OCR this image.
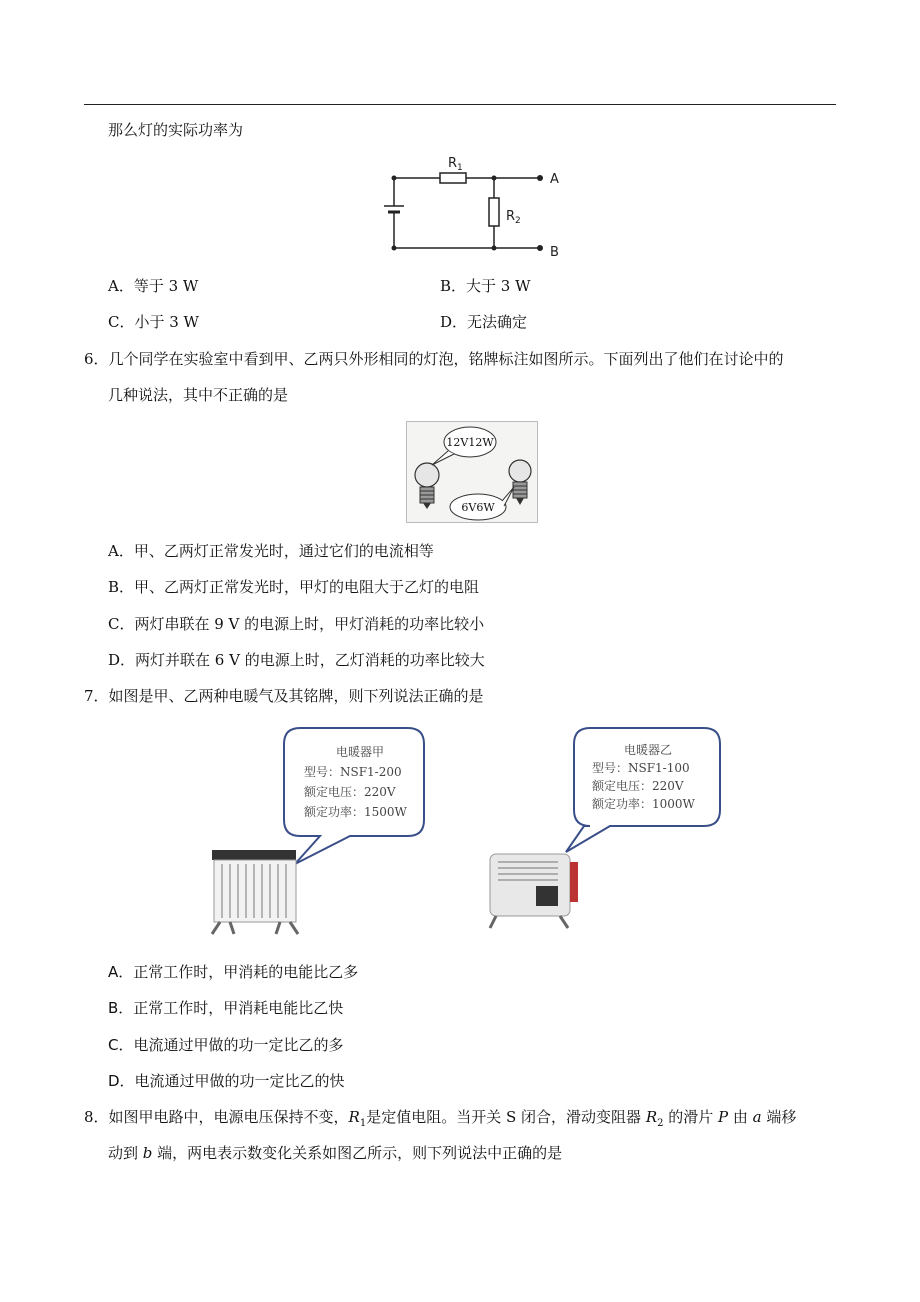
那么灯的实际功率为
$R_1$
$R_2$
A
B
A．等于 3 W	B．大于 3 W
C．小于 3 W	D．无法确定
6．几个同学在实验室中看到甲、乙两只外形相同的灯泡，铭牌标注如图所示。下面列出了他们在讨论中的
几种说法，其中不正确的是
12V12W
6V6W
A．甲、乙两灯正常发光时，通过它们的电流相等
B．甲、乙两灯正常发光时，甲灯的电阻大于乙灯的电阻
C．两灯串联在 9 V 的电源上时，甲灯消耗的功率比较小
D．两灯并联在 6 V 的电源上时，乙灯消耗的功率比较大
7．如图是甲、乙两种电暖气及其铭牌，则下列说法正确的是
电暖器甲
型号：NSF1-200
额定电压：220V
额定功率：1500W
电暖器乙
型号：NSF1-100
额定电压：220V
额定功率：1000W
A．正常工作时，甲消耗的电能比乙多
B．正常工作时，甲消耗电能比乙快
C．电流通过甲做的功一定比乙的多
D．电流通过甲做的功一定比乙的快
8．如图甲电路中，电源电压保持不变，$R_1$是定值电阻。当开关 S 闭合，滑动变阻器 $R_2$ 的滑片 P 由 a 端移
动到 b 端，两电表示数变化关系如图乙所示，则下列说法中正确的是
